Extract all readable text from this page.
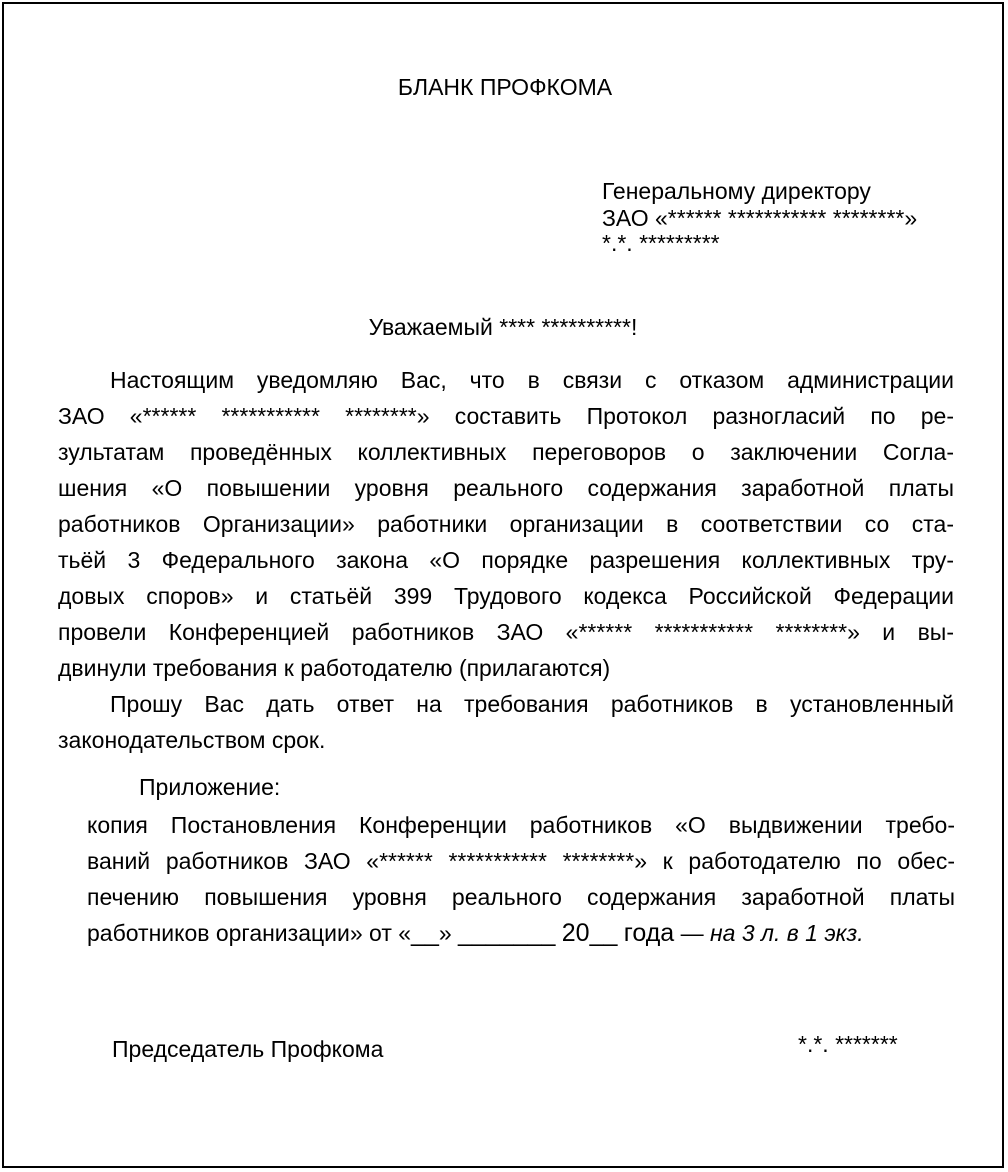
БЛАНК ПРОФКОМА
Генеральному директору
ЗАО «****** *********** ********»
*.*. *********
Уважаемый **** **********!
Настоящим уведомляю Вас, что в связи с отказом администрации
ЗАО «****** *********** ********» составить Протокол разногласий по ре-
зультатам проведённых коллективных переговоров о заключении Согла-
шения «О повышении уровня реального содержания заработной платы
работников Организации» работники организации в соответствии со ста-
тьёй 3 Федерального закона «О порядке разрешения коллективных тру-
довых споров» и статьёй 399 Трудового кодекса Российской Федерации
провели Конференцией работников ЗАО «****** *********** ********» и вы-
двинули требования к работодателю (прилагаются)
Прошу Вас дать ответ на требования работников в установленный
законодательством срок.
Приложение:
копия Постановления Конференции работников «О выдвижении требо-
ваний работников ЗАО «****** *********** ********» к работодателю по обес-
печению повышения уровня реального содержания заработной платы
работников организации» от «__» _______ 20__ года — на 3 л. в 1 экз.
Председатель Профкома	*.*. *******
